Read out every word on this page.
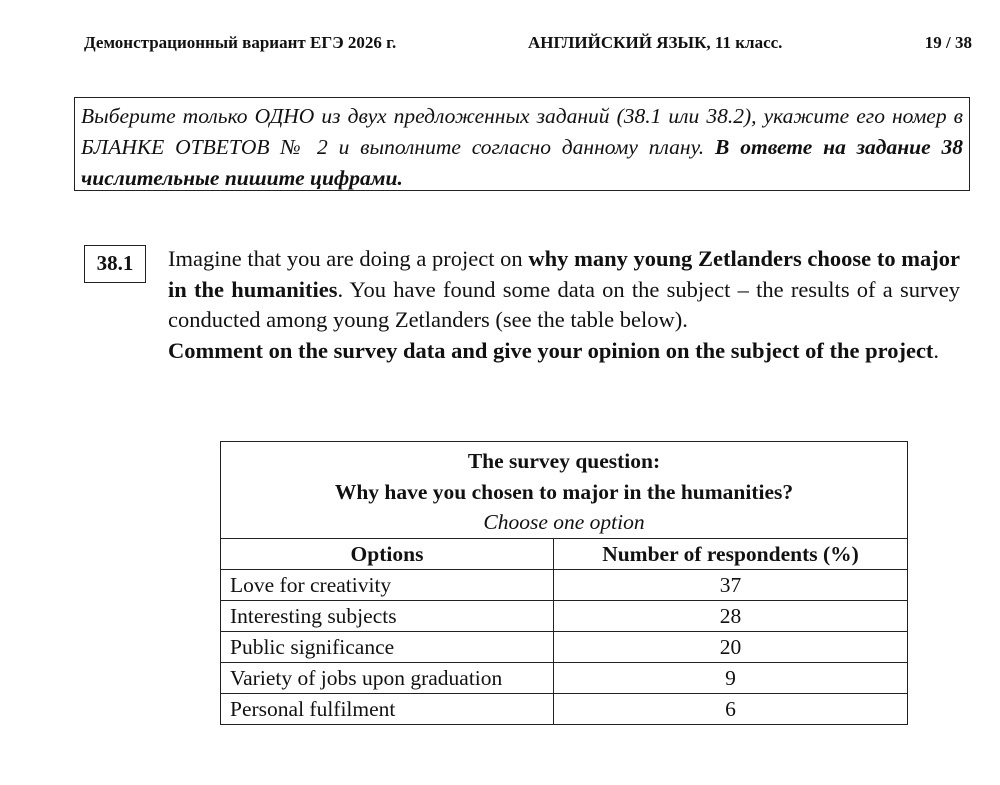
Демонстрационный вариант ЕГЭ 2026 г.	АНГЛИЙСКИЙ ЯЗЫК, 11 класс.	19 / 38
Выберите только ОДНО из двух предложенных заданий (38.1 или 38.2), укажите его номер в БЛАНКЕ ОТВЕТОВ № 2 и выполните согласно данному плану. В ответе на задание 38 числительные пишите цифрами.
38.1	Imagine that you are doing a project on why many young Zetlanders choose to major in the humanities. You have found some data on the subject – the results of a survey conducted among young Zetlanders (see the table below).

Comment on the survey data and give your opinion on the subject of the project.

The survey question:
Why have you chosen to major in the humanities?
Choose one option	

Options	Number of respondents (%)
Love for creativity	37
Interesting subjects	28
Public significance	20
Variety of jobs upon graduation	9
Personal fulfilment	6
